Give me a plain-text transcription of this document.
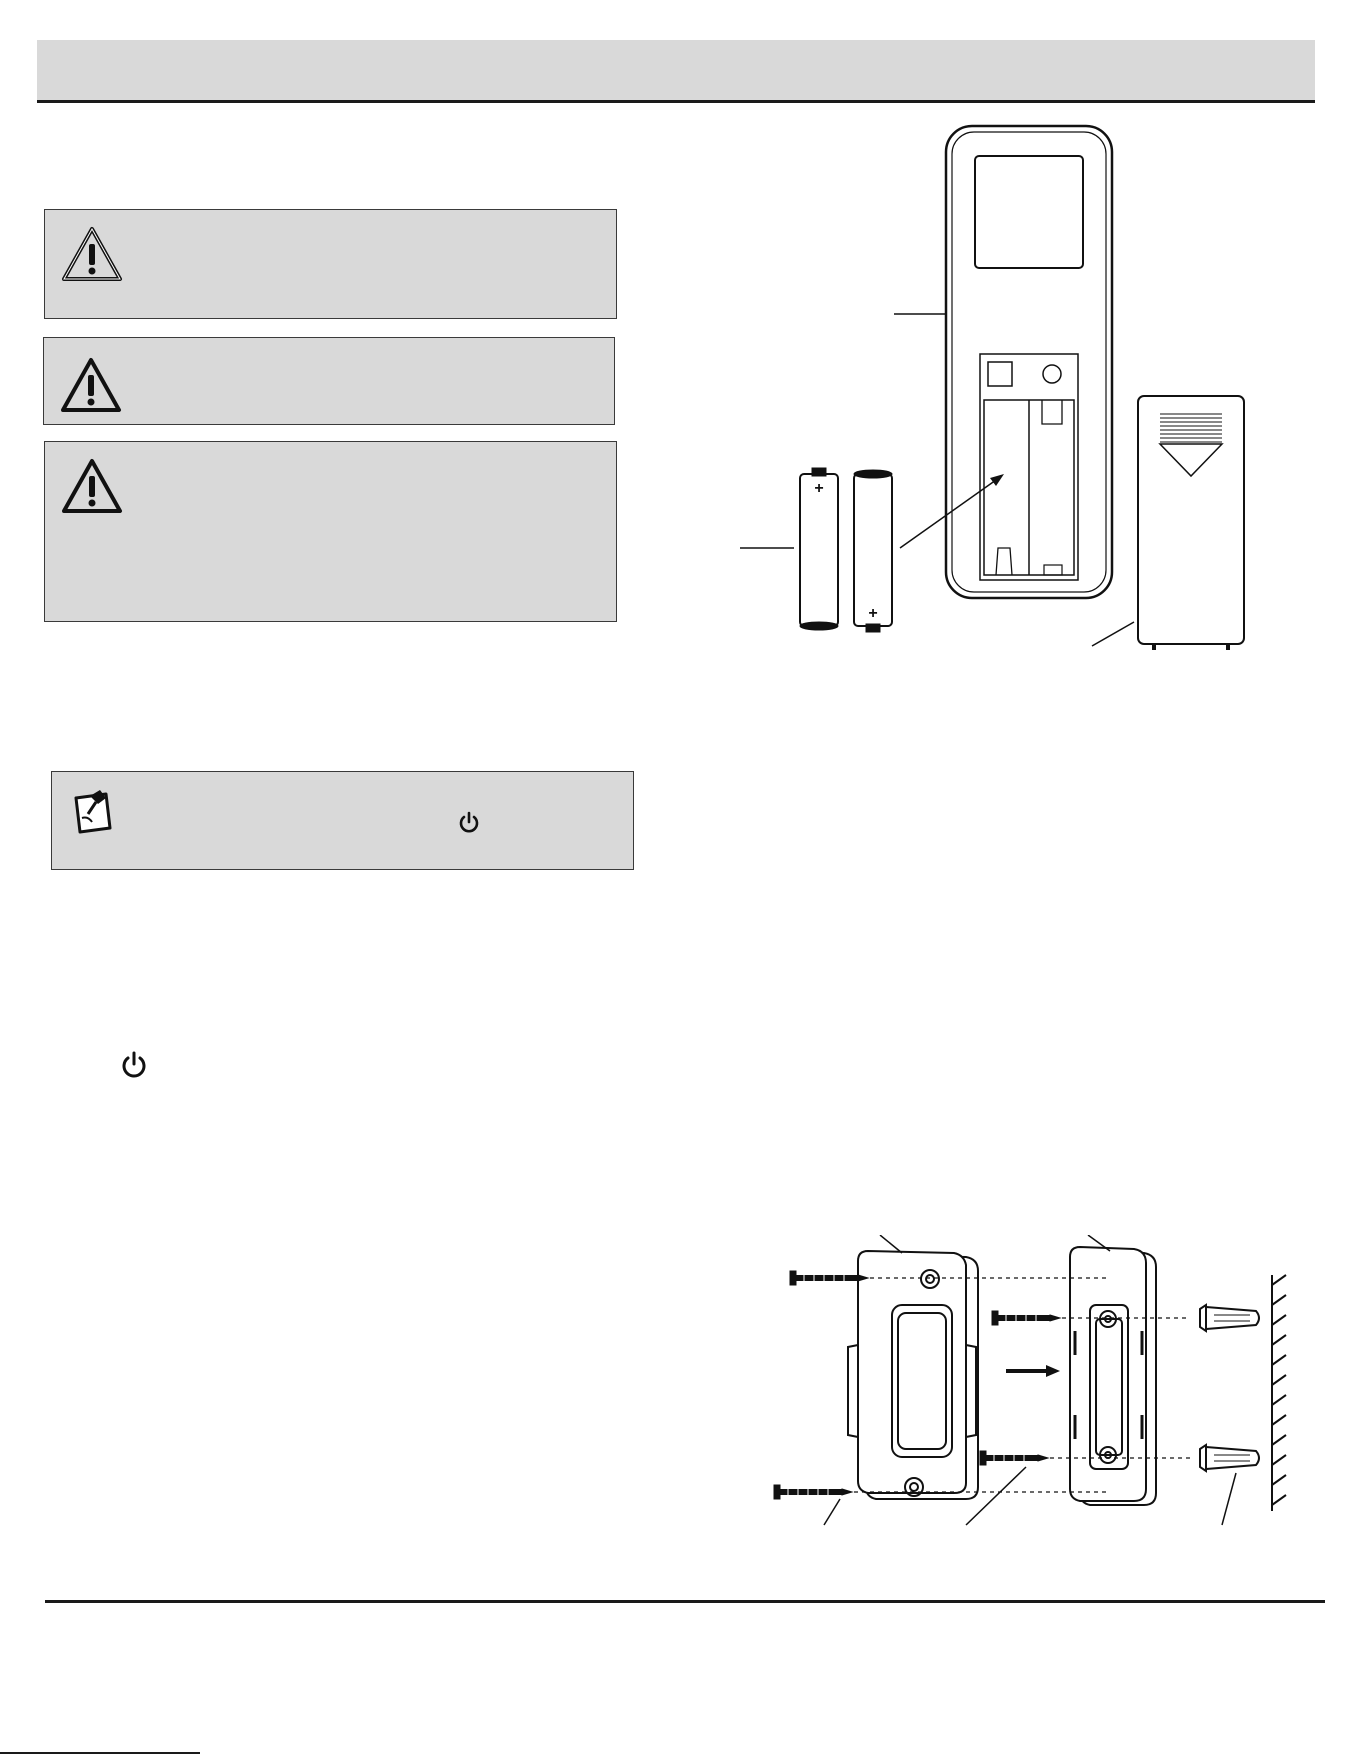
+
+
